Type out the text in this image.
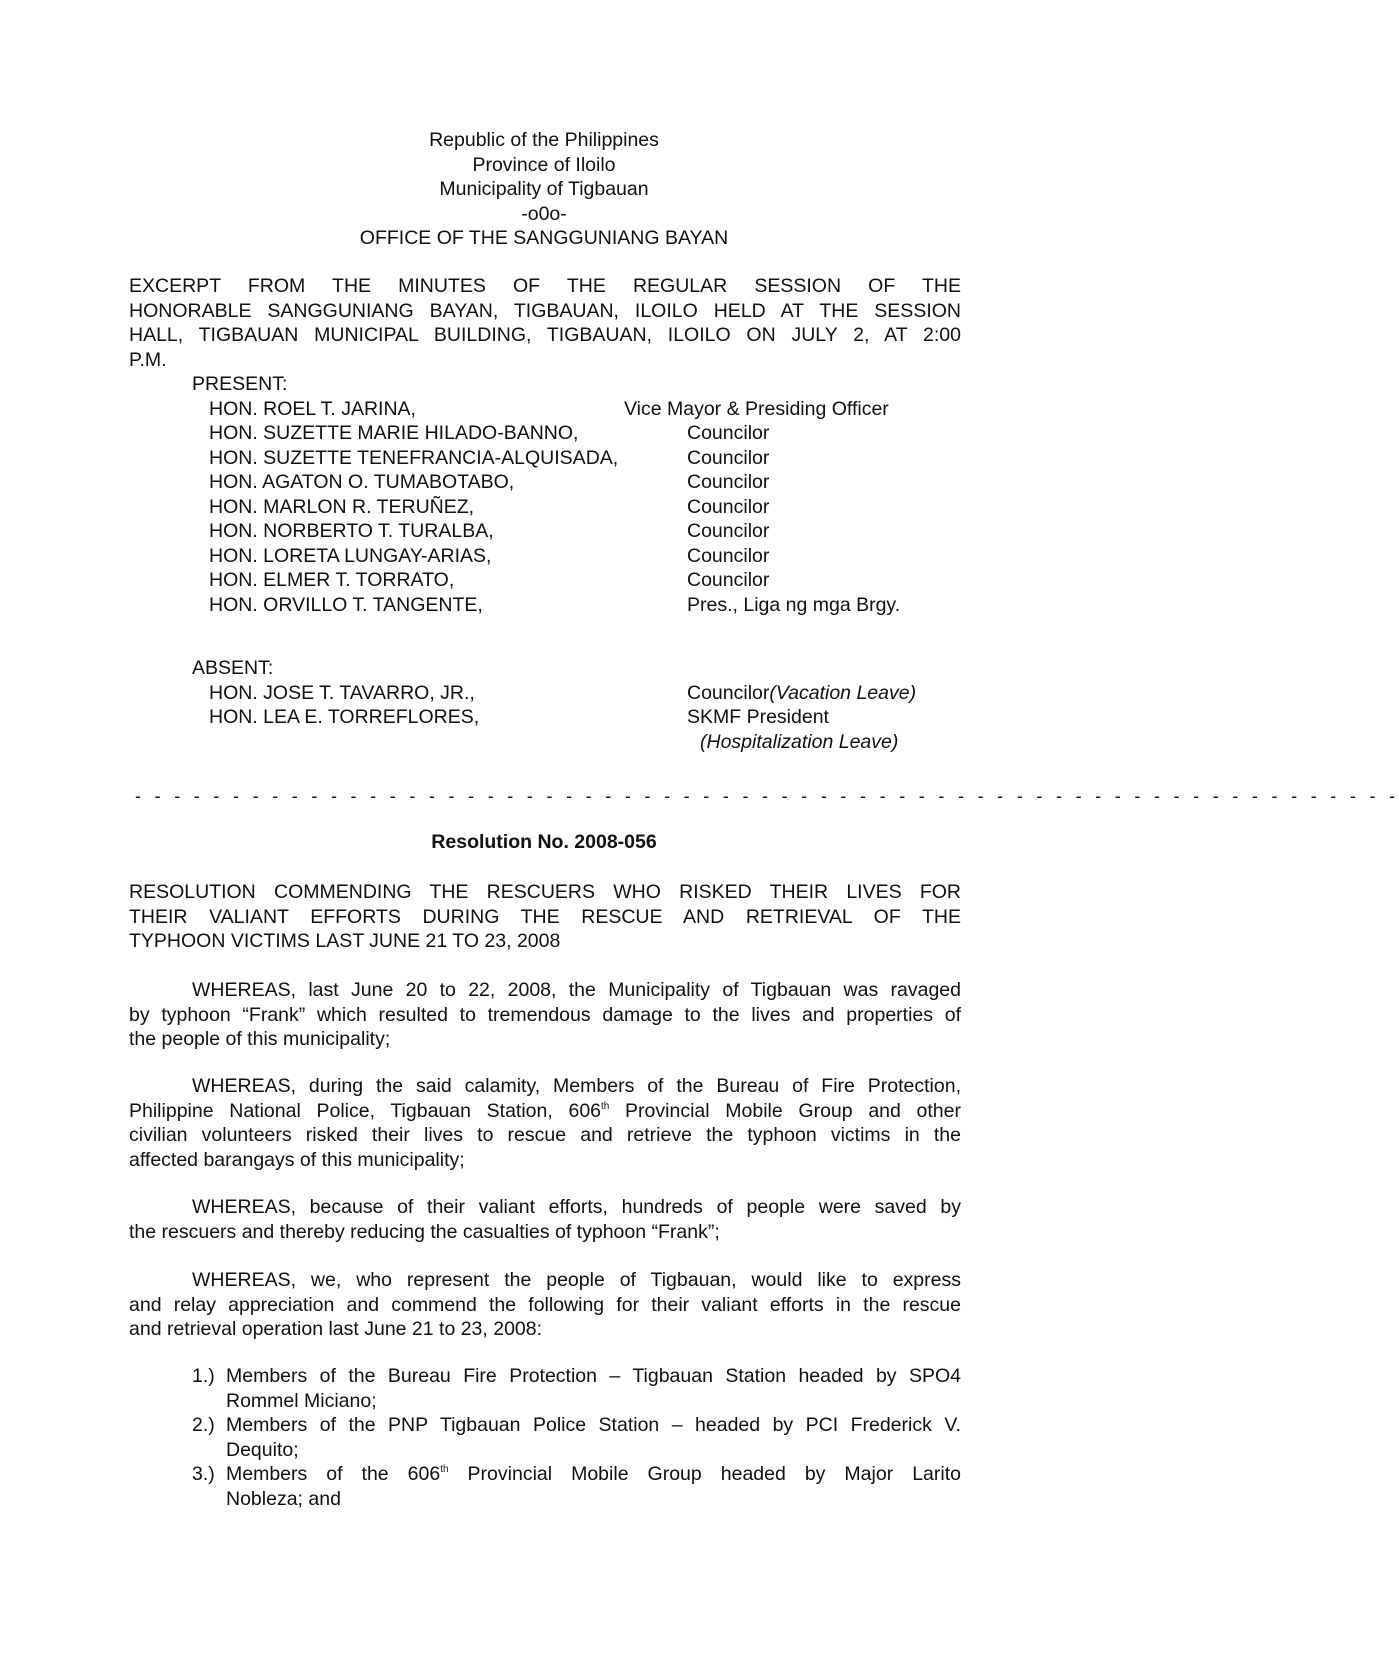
Republic of the Philippines
Province of Iloilo
Municipality of Tigbauan
-o0o-
OFFICE OF THE SANGGUNIANG BAYAN
EXCERPT FROM THE MINUTES OF THE REGULAR SESSION OF THE
HONORABLE SANGGUNIANG BAYAN, TIGBAUAN, ILOILO HELD AT THE SESSION
HALL, TIGBAUAN MUNICIPAL BUILDING, TIGBAUAN, ILOILO ON JULY 2, AT 2:00
P.M.
PRESENT:
HON. ROEL T. JARINA,	Vice Mayor & Presiding Officer
HON. SUZETTE MARIE HILADO-BANNO,	Councilor
HON. SUZETTE TENEFRANCIA-ALQUISADA,	Councilor
HON. AGATON O. TUMABOTABO,	Councilor
HON. MARLON R. TERUÑEZ,	Councilor
HON. NORBERTO T. TURALBA,	Councilor
HON. LORETA LUNGAY-ARIAS,	Councilor
HON. ELMER T. TORRATO,	Councilor
HON. ORVILLO T. TANGENTE,	Pres., Liga ng mga Brgy.
ABSENT:
HON. JOSE T. TAVARRO, JR.,	Councilor(Vacation Leave)
HON. LEA E. TORREFLORES,	SKMF President
(Hospitalization Leave)
- - - - - - - - - - - - - - - - - - - - - - - - - - - - - - - - - - - - - - - - - - - - - - - - - - - - - - - - - - - - - - - - -
Resolution No. 2008-056
RESOLUTION COMMENDING THE RESCUERS WHO RISKED THEIR LIVES FOR
THEIR VALIANT EFFORTS DURING THE RESCUE AND RETRIEVAL OF THE
TYPHOON VICTIMS LAST JUNE 21 TO 23, 2008
WHEREAS, last June 20 to 22, 2008, the Municipality of Tigbauan was ravaged
by typhoon “Frank” which resulted to tremendous damage to the lives and properties of
the people of this municipality;
WHEREAS, during the said calamity, Members of the Bureau of Fire Protection,
Philippine National Police, Tigbauan Station, 606th Provincial Mobile Group and other
civilian volunteers risked their lives to rescue and retrieve the typhoon victims in the
affected barangays of this municipality;
WHEREAS, because of their valiant efforts, hundreds of people were saved by
the rescuers and thereby reducing the casualties of typhoon “Frank”;
WHEREAS, we, who represent the people of Tigbauan, would like to express
and relay appreciation and commend the following for their valiant efforts in the rescue
and retrieval operation last June 21 to 23, 2008:
1.) Members of the Bureau Fire Protection – Tigbauan Station headed by SPO4
Rommel Miciano;
2.) Members of the PNP Tigbauan Police Station – headed by PCI Frederick V.
Dequito;
3.) Members of the 606th Provincial Mobile Group headed by Major Larito
Nobleza; and
